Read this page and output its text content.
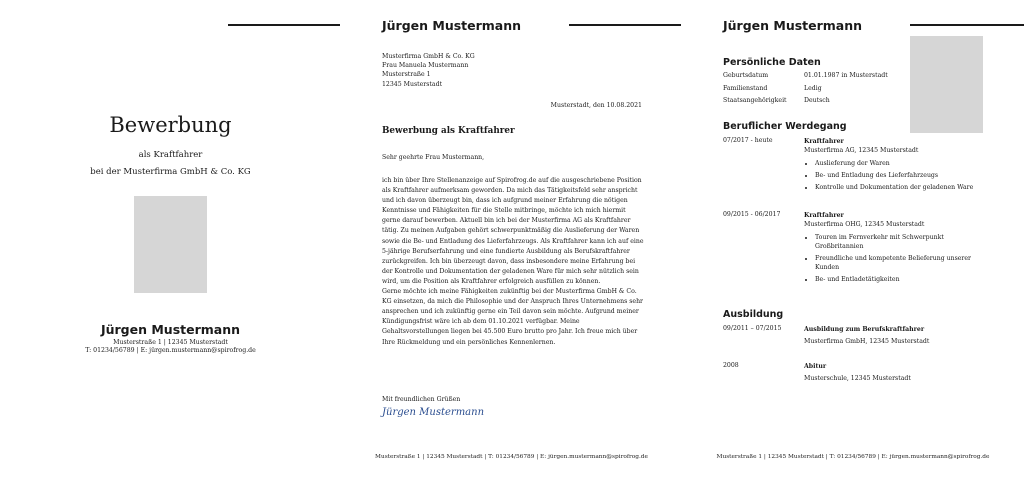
Bewerbung
als Kraftfahrer
bei der Musterfirma GmbH & Co. KG
Jürgen Mustermann
Musterstraße 1 | 12345 Musterstadt
T: 01234/56789 | E: jürgen.mustermann@spirofrog.de
Jürgen Mustermann
Musterfirma GmbH & Co. KG
Frau Manuela Mustermann
Musterstraße 1
12345 Musterstadt
Musterstadt, den 10.08.2021
Bewerbung als Kraftfahrer
Sehr geehrte Frau Mustermann,

ich bin über Ihre Stellenanzeige auf Spirofrog.de auf die ausgeschriebene Position als Kraftfahrer aufmerksam geworden. Da mich das Tätigkeitsfeld sehr anspricht und ich davon überzeugt bin, dass ich aufgrund meiner Erfahrung die nötigen Kenntnisse und Fähigkeiten für die Stelle mitbringe, möchte ich mich hiermit gerne darauf bewerben. Aktuell bin ich bei der Musterfirma AG als Kraftfahrer tätig. Zu meinen Aufgaben gehört schwerpunktmäßig die Auslieferung der Waren sowie die Be- und Entladung des Lieferfahrzeugs. Als Kraftfahrer kann ich auf eine 5-jährige Berufserfahrung und eine fundierte Ausbildung als Berufskraftfahrer zurückgreifen. Ich bin überzeugt davon, dass insbesondere meine Erfahrung bei der Kontrolle und Dokumentation der geladenen Ware für mich sehr nützlich sein wird, um die Position als Kraftfahrer erfolgreich ausfüllen zu können.

Gerne möchte ich meine Fähigkeiten zukünftig bei der Musterfirma GmbH & Co. KG einsetzen, da mich die Philosophie und der Anspruch Ihres Unternehmens sehr ansprechen und ich zukünftig gerne ein Teil davon sein möchte. Aufgrund meiner Kündigungsfrist wäre ich ab dem 01.10.2021 verfügbar. Meine Gehaltsvorstellungen liegen bei 45.500 Euro brutto pro Jahr. Ich freue mich über Ihre Rückmeldung und ein persönliches Kennenlernen.

Mit freundlichen Grüßen
Jürgen Mustermann
Musterstraße 1 | 12345 Musterstadt | T: 01234/56789 | E: jürgen.mustermann@spirofrog.de
Jürgen Mustermann
Persönliche Daten
Geburtsdatum	01.01.1987 in Musterstadt
Familienstand	Ledig
Staatsangehörigkeit	Deutsch
Beruflicher Werdegang
07/2017 - heute	Kraftfahrer
Musterfirma AG, 12345 Musterstadt
• Auslieferung der Waren
• Be- und Entladung des Lieferfahrzeugs
• Kontrolle und Dokumentation der geladenen Ware
09/2015 - 06/2017	Kraftfahrer
Musterfirma OHG, 12345 Musterstadt
• Touren im Fernverkehr mit Schwerpunkt Großbritannien
• Freundliche und kompetente Belieferung unserer Kunden
• Be- und Entladetätigkeiten
Ausbildung
09/2011 – 07/2015	Ausbildung zum Berufskraftfahrer
Musterfirma GmbH, 12345 Musterstadt
2008	Abitur
Musterschule, 12345 Musterstadt
Musterstraße 1 | 12345 Musterstadt | T: 01234/56789 | E: jürgen.mustermann@spirofrog.de
